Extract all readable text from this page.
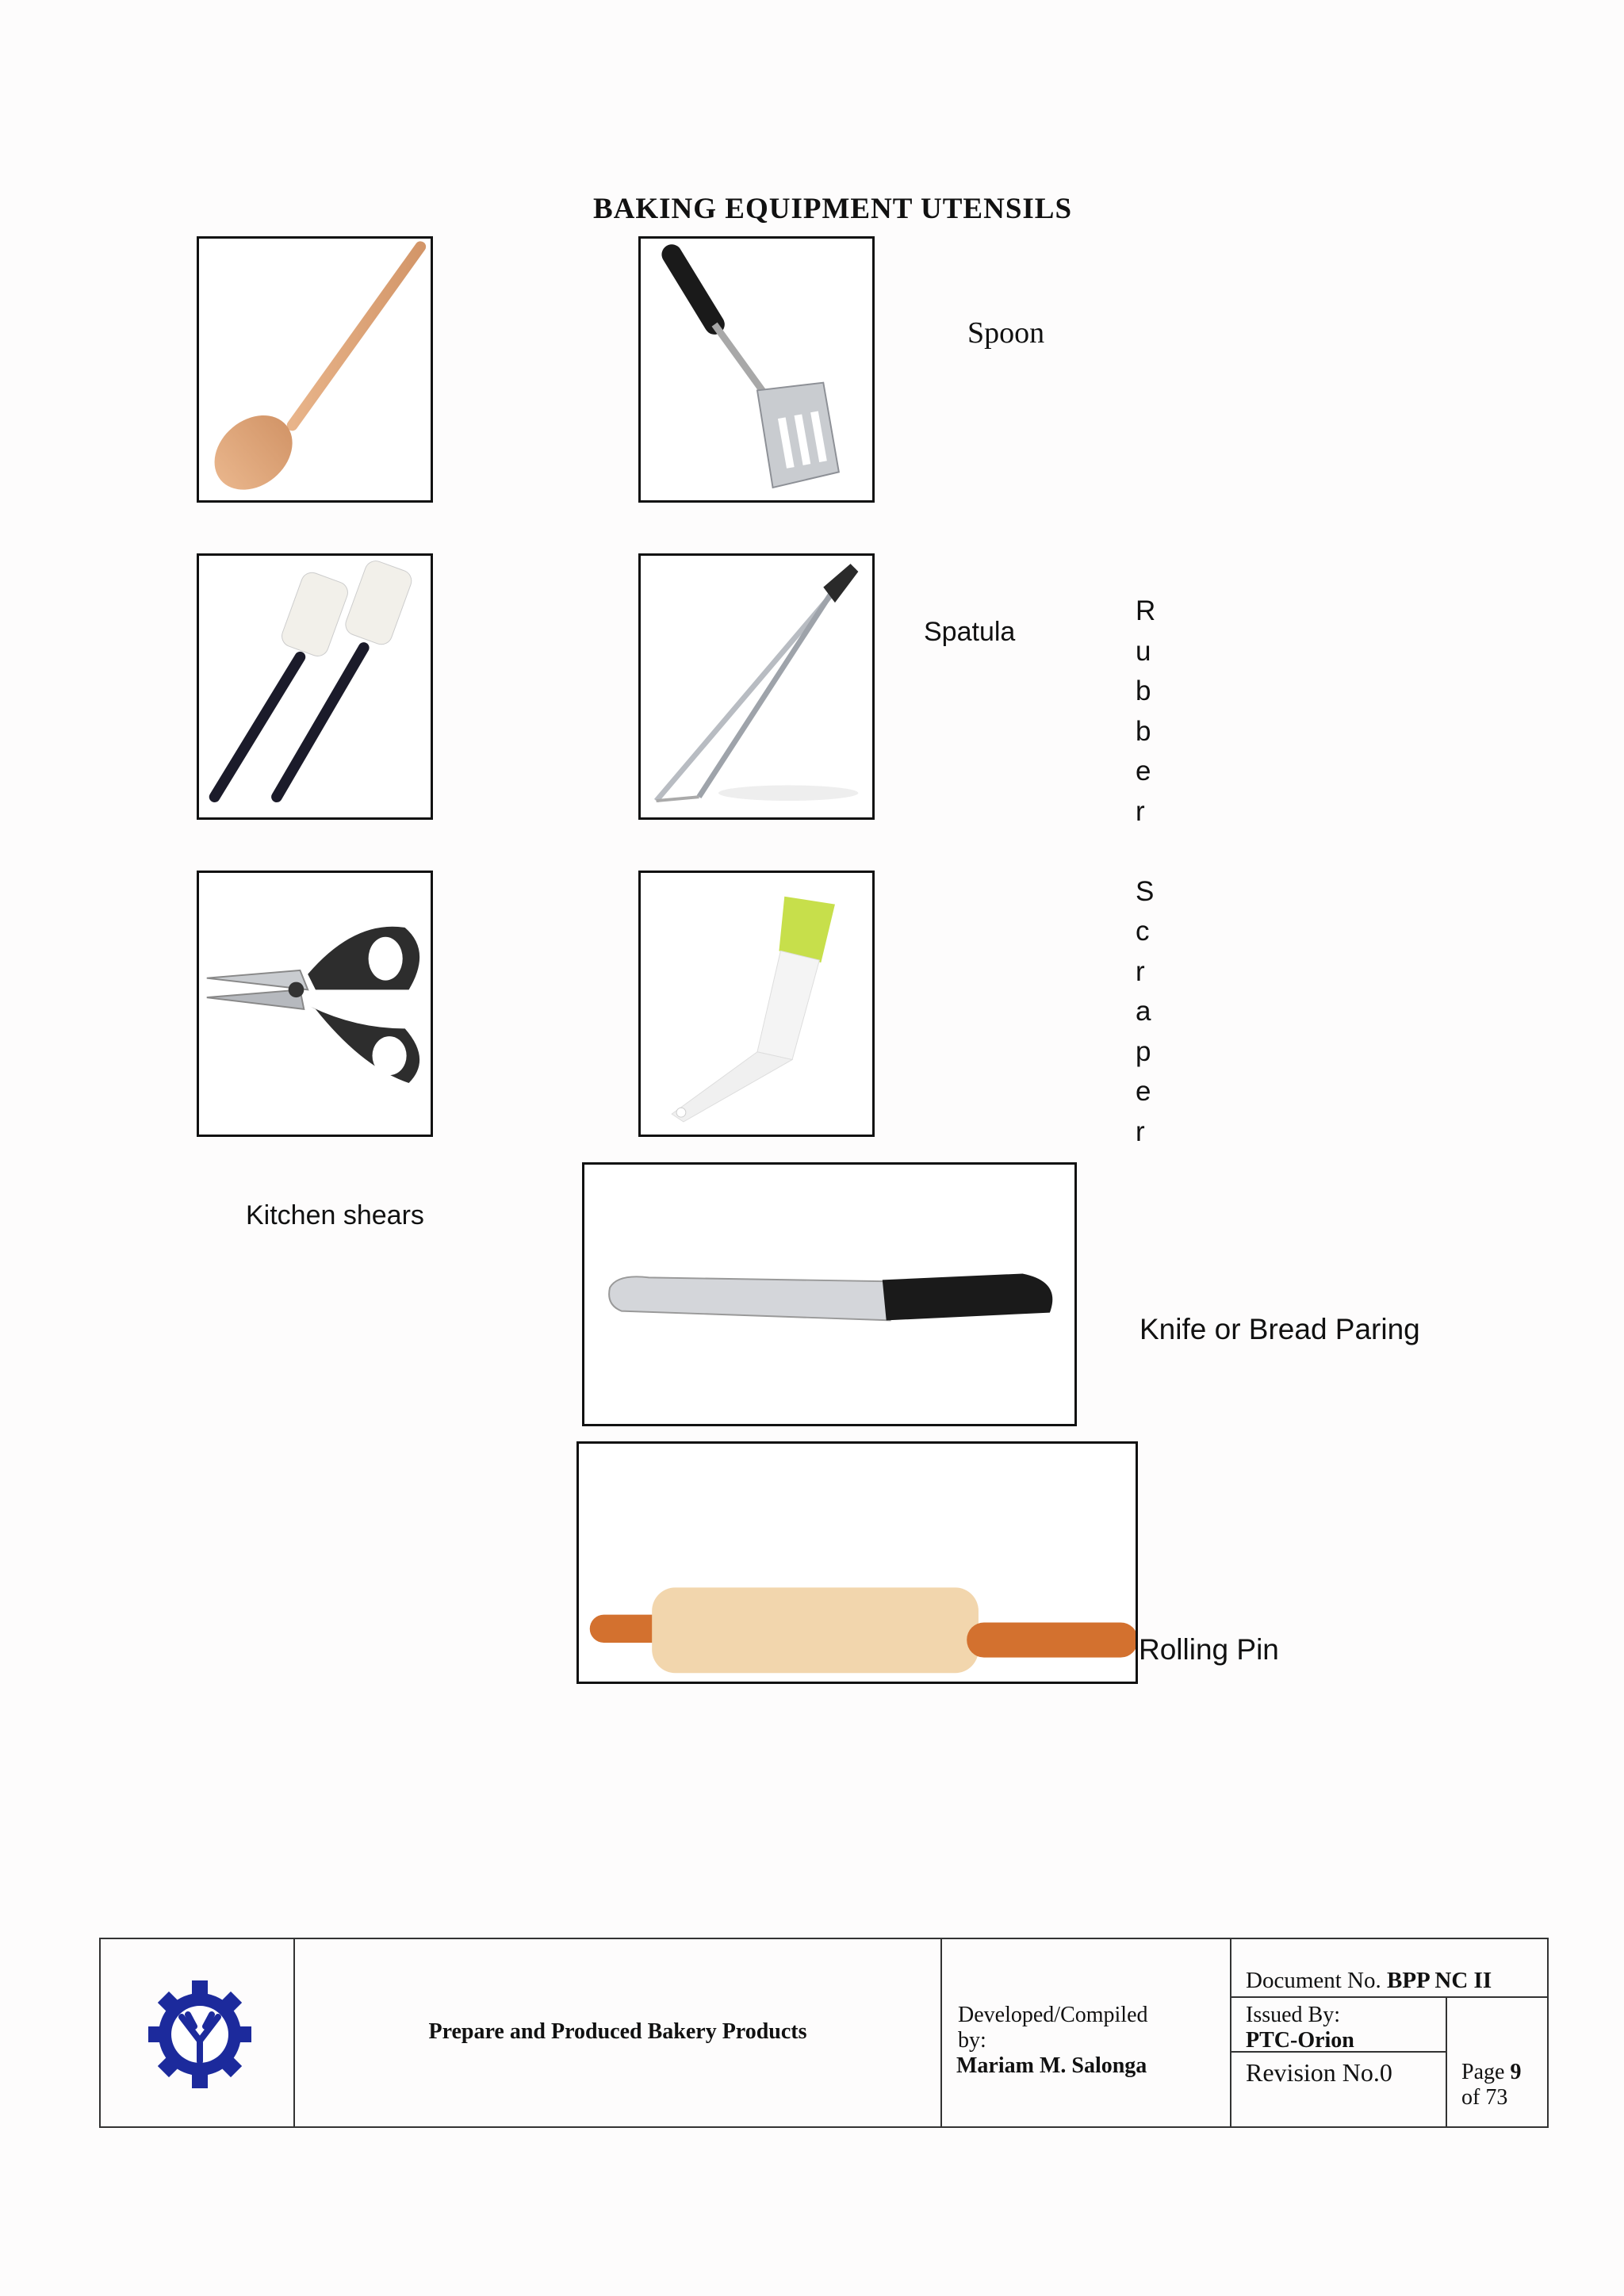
BAKING EQUIPMENT UTENSILS
Spoon
Spatula
R
u
b
b
e
r

S
c
r
a
p
e
r
Kitchen shears
Knife or Bread Paring
Rolling Pin
Prepare and Produced Bakery Products
Developed/Compiled
by:
Mariam M. Salonga
Document No. BPP NC II
Issued By:
PTC-Orion
Revision No.0	Page 9
of 73
